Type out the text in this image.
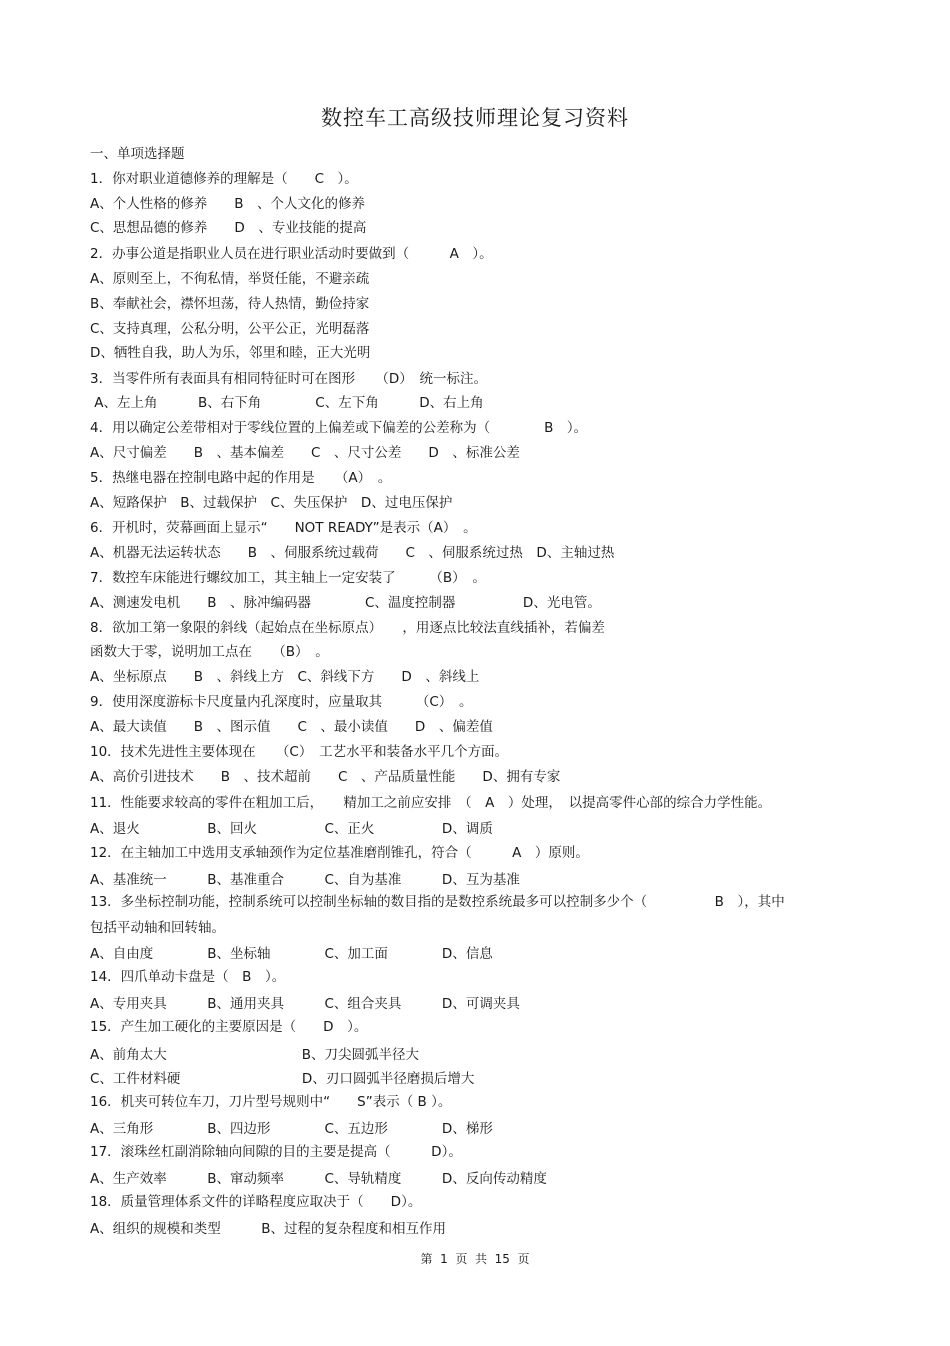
数控车工高级技师理论复习资料
一、单项选择题
1．你对职业道德修养的理解是（　　C　）。
A、个人性格的修养　　B　、个人文化的修养
C、思想品德的修养　　D　、专业技能的提高
2．办事公道是指职业人员在进行职业活动时要做到（　　　A　）。
A、原则至上，不徇私情，举贤任能，不避亲疏
B、奉献社会，襟怀坦荡，待人热情，勤俭持家
C、支持真理，公私分明，公平公正，光明磊落
D、牺牲自我，助人为乐，邻里和睦，正大光明
3．当零件所有表面具有相同特征时可在图形　　（D）　统一标注。
A、左上角　　　B、右下角　　　　C、左下角　　　D、右上角
4．用以确定公差带相对于零线位置的上偏差或下偏差的公差称为（　　　　B　）。
A、尺寸偏差　　B　、基本偏差　　C　、尺寸公差　　D　、标准公差
5．热继电器在控制电路中起的作用是　　（A）　。
A、短路保护　B、过载保护　C、失压保护　D、过电压保护
6．开机时，荧幕画面上显示“　　NOT READY”是表示（A）　。
A、机器无法运转状态　　B　、伺服系统过载荷　　C　、伺服系统过热　D、主轴过热
7．数控车床能进行螺纹加工，其主轴上一定安装了　　　（B）　。
A、测速发电机　　B　、脉冲编码器　　　　C、温度控制器　　　　　D、光电管。
8．欲加工第一象限的斜线（起始点在坐标原点）　　，用逐点比较法直线插补，若偏差
函数大于零，说明加工点在　　（B）　。
A、坐标原点　　B　、斜线上方　C、斜线下方　　D　、斜线上
9．使用深度游标卡尺度量内孔深度时，应量取其　　　（C）　。
A、最大读值　　B　、图示值　　C　、最小读值　　D　、偏差值
10．技术先进性主要体现在　　（C）　工艺水平和装备水平几个方面。
A、高价引进技术　　B　、技术超前　　C　、产品质量性能　　D、拥有专家
11．性能要求较高的零件在粗加工后，　　精加工之前应安排　（　A　）处理，　以提高零件心部的综合力学性能。
A、退火　　　　　B、回火　　　　　C、正火　　　　　D、调质
12．在主轴加工中选用支承轴颈作为定位基准磨削锥孔，符合（　　　A　）原则。
A、基准统一　　　B、基准重合　　　C、自为基准　　　D、互为基准
13．多坐标控制功能，控制系统可以控制坐标轴的数目指的是数控系统最多可以控制多少个（　　　　　B　），其中
包括平动轴和回转轴。
A、自由度　　　　B、坐标轴　　　　C、加工面　　　　D、信息
14．四爪单动卡盘是（　B　）。
A、专用夹具　　　B、通用夹具　　　C、组合夹具　　　D、可调夹具
15．产生加工硬化的主要原因是（　　D　）。
A、前角太大　　　　　　　　　　B、刀尖圆弧半径大
C、工件材料硬　　　　　　　　　D、刃口圆弧半径磨损后增大
16．机夹可转位车刀，刀片型号规则中“　　S”表示（ B ）。
A、三角形　　　　B、四边形　　　　C、五边形　　　　D、梯形
17．滚珠丝杠副消除轴向间隙的目的主要是提高（　　　D）。
A、生产效率　　　B、窜动频率　　　C、导轨精度　　　D、反向传动精度
18．质量管理体系文件的详略程度应取决于（　　D）。
A、组织的规模和类型　　　B、过程的复杂程度和相互作用
第  1  页  共  15  页
